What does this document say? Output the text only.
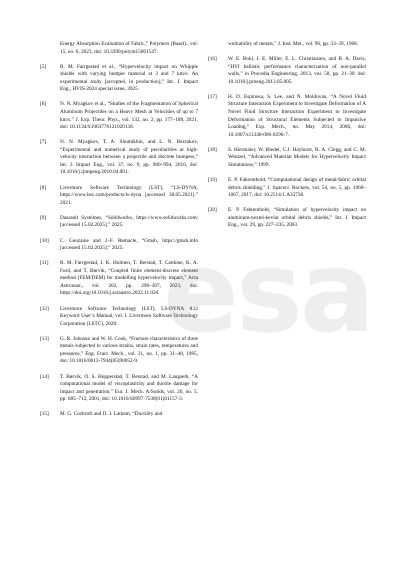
Energy Absorption Evaluation of Fabric,” Polymers (Basel)., vol. 15, no. 6, 2023, doi: 10.3390/polym15061547.
[5]	R. M. Farrgestad et al., “Hypervelocity impact on Whipple shields with varying bumper material at 3 and 7 km/s: An experimental study [accepted, in production],” Int. J. Impact Eng., HVIS-2024 special issue, 2025.
[6]	N. N. Myagkov et al., “Studies of the Fragmentation of Spherical Aluminum Projectiles on a Heavy Mesh at Velocities of up to 7 km/s,” J. Exp. Theor. Phys., vol. 132, no. 2, pp. 177–188, 2021, doi: 10.1134/S1063776121020138.
[7]	N. N. Myagkov, T. A. Shumikhin, and L. N. Bezrukov, “Experimental and numerical study of peculiarities at high-velocity interaction between a projectile and discrete bumpers,” Int. J. Impact Eng., vol. 37, no. 9, pp. 980–994, 2010, doi: 10.1016/j.ijimpeng.2010.04.001.
[8]	Livermore Software Technology (LST), “LS-DYNA, https://www.lstc.com/products/ls-dyna [accessed 30.05.2021].” 2021.
[9]	Dassault Systèmes, “Solidworks, https://www.solidworks.com/ [accessed 15.02.2025].” 2025.
[10] C. Geuzaine and J.-F. Remacle, “Gmsh, https://gmsh.info [accessed 15.02.2025].” 2025.
[11] R. M. Farrgestad, J. K. Holmen, T. Berstad, T. Cardone, K. A. Ford, and T. Børvik, “Coupled finite element-discrete element method (FEM/DEM) for modelling hypervelocity impact,” Acta Astronaut., vol. 203, pp. 296–307, 2023, doi: https://doi.org/10.1016/j.actaastro.2022.11.026.
[12] Livermore Software Technology (LST), LS-DYNA R12 Keyword User’s Manual, vol. I. Livermore Software Technology Corporation (LSTC), 2020.
[13] G. R. Johnson and W. H. Cook, “Fracture characteristics of three metals subjected to various strains, strain rates, temperatures and pressures,” Eng. Fract. Mech., vol. 21, no. 1, pp. 31–48, 1985, doi: 10.1016/0013-7944(85)90052-9.
[14] T. Børvik, O. S. Hopperstad, T. Berstad, and M. Langseth, “A computational model of viscoplasticity and ductile damage for impact and penetration,” Eur. J. Mech. A/Solids, vol. 20, no. 5, pp. 685–712, 2001, doi: 10.1016/S0997-7538(01)01157-3.
[15] M. G. Cockroft and D. J. Latham, “Ductility and
workability of metals,” J. Inst. Met., vol. 96, pp. 33–39, 1968.
[16] W. E. Bohl, J. E. Miller, E. L. Christiansen, and B. A. Davis, “HVI ballistic performance characterization of non-parallel walls,” in Procedia Engineering, 2013, vol. 58, pp. 21–30. doi: 10.1016/j.proeng.2013.05.005.
[17] H. D. Espinosa, S. Lee, and N. Moldovan, “A Novel Fluid Structure Interaction Experiment to Investigate Deformation of A Novel Fluid Structure Interaction Experiment to Investigate Deformation of Structural Elements Subjected to Impulsive Loading,” Exp. Mech., no. May 2014, 2006, doi: 10.1007/s11340-006-0296-7.
[18] S. Hiermaier, W. Riedel, C.J. Hayhurst, R. A. Clegg, and C. M. Wentzel, “Advanced Material Models for Hypervelocity Impact Simulations,” 1999.
[19] E. P. Fahrenthold, “Computational design of metal-fabric orbital debris shielding,” J. Spacecr. Rockets, vol. 54, no. 5, pp. 1060–1067, 2017, doi: 10.2514/1.A33736.
[20] E. P. Fahrenthold, “Simulation of hypervelocity impact on aluminum-nextel-kevlar orbital debris shields,” Int. J. Impact Eng., vol. 29, pp. 227–235, 2003.
esa
